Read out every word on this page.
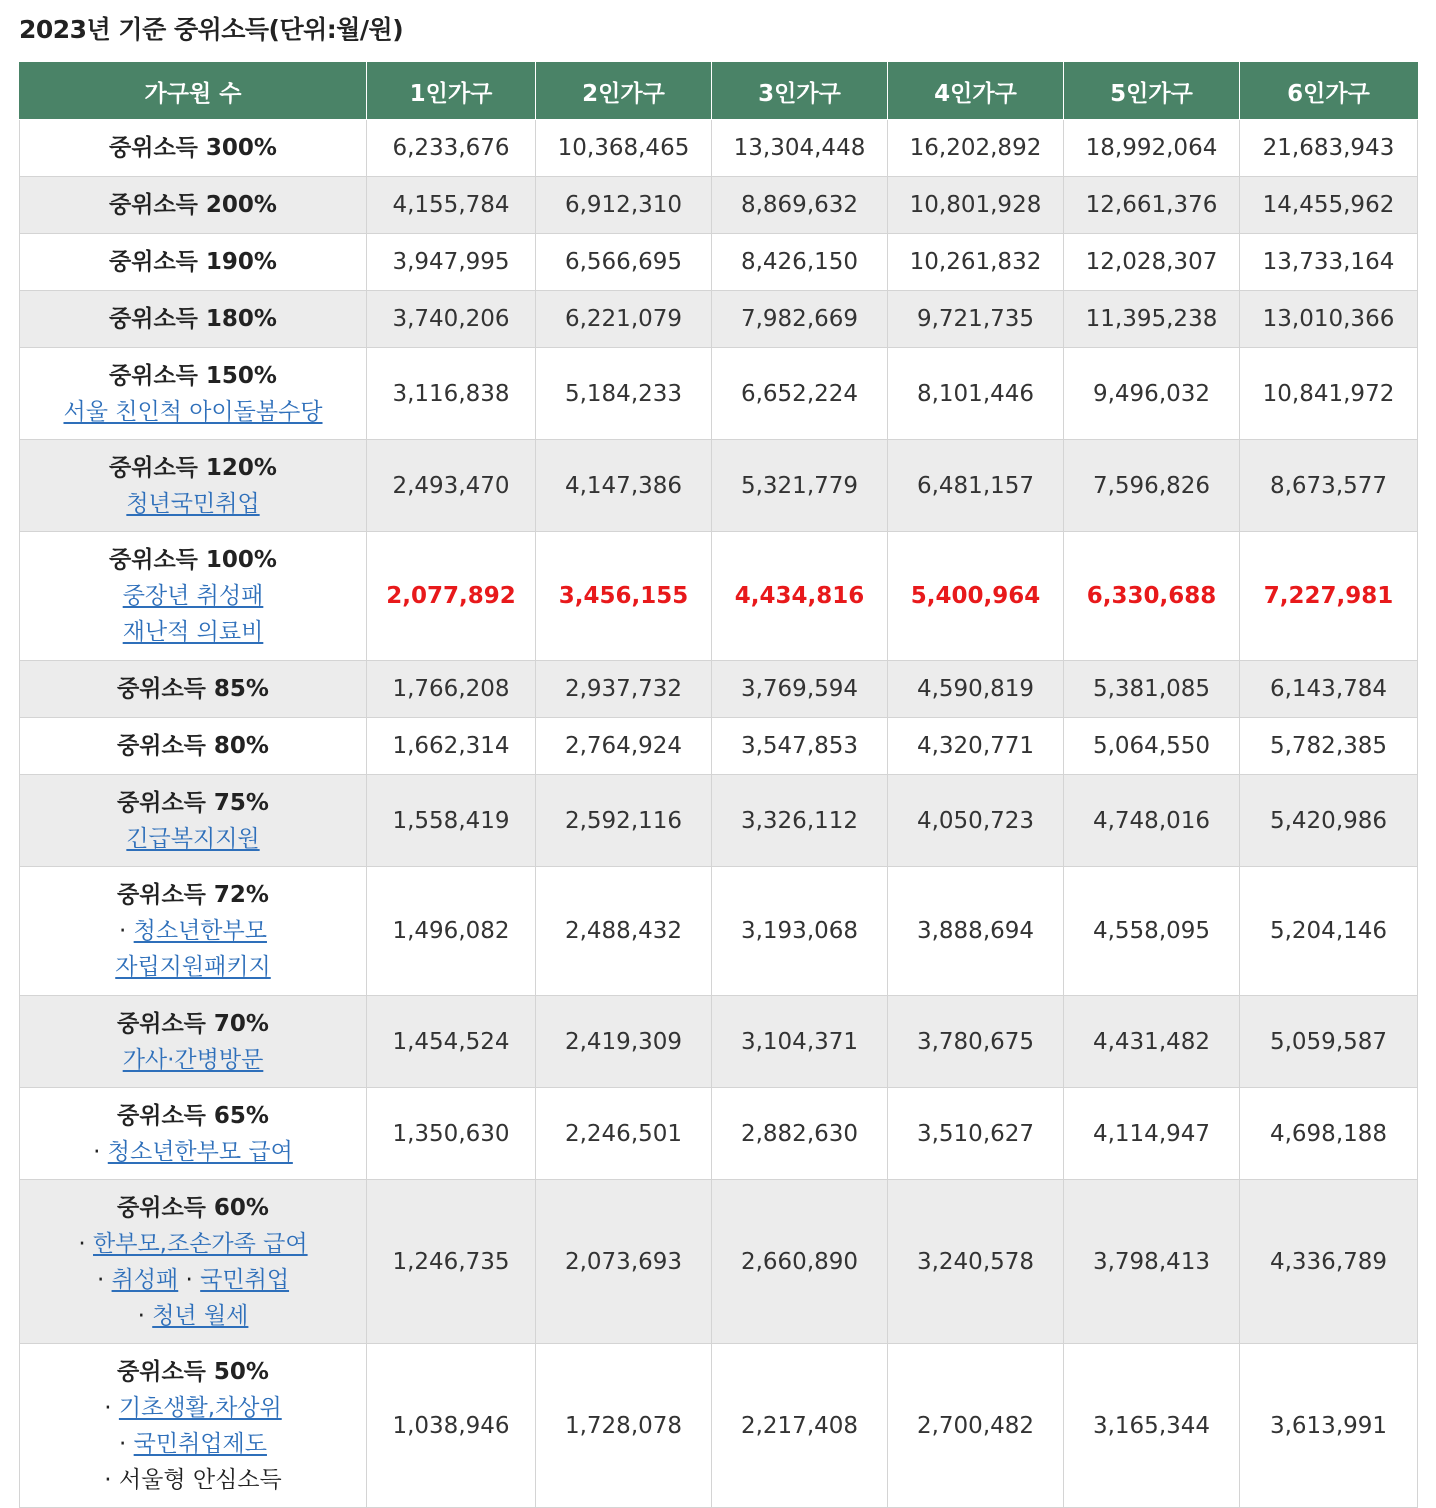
2023년 기준 중위소득(단위:월/원)
가구원 수	1인가구	2인가구	3인가구	4인가구	5인가구	6인가구

중위소득 300%	6,233,676	10,368,465	13,304,448	16,202,892	18,992,064	21,683,943

중위소득 200%	4,155,784	6,912,310	8,869,632	10,801,928	12,661,376	14,455,962

중위소득 190%	3,947,995	6,566,695	8,426,150	10,261,832	12,028,307	13,733,164

중위소득 180%	3,740,206	6,221,079	7,982,669	9,721,735	11,395,238	13,010,366

중위소득 150%
서울 친인척 아이돌봄수당	3,116,838	5,184,233	6,652,224	8,101,446	9,496,032	10,841,972

중위소득 120%
청년국민취업	2,493,470	4,147,386	5,321,779	6,481,157	7,596,826	8,673,577

중위소득 100%
중장년 취성패
재난적 의료비	2,077,892	3,456,155	4,434,816	5,400,964	6,330,688	7,227,981

중위소득 85%	1,766,208	2,937,732	3,769,594	4,590,819	5,381,085	6,143,784

중위소득 80%	1,662,314	2,764,924	3,547,853	4,320,771	5,064,550	5,782,385

중위소득 75%
긴급복지지원	1,558,419	2,592,116	3,326,112	4,050,723	4,748,016	5,420,986

중위소득 72%
· 청소년한부모
자립지원패키지	1,496,082	2,488,432	3,193,068	3,888,694	4,558,095	5,204,146

중위소득 70%
가사·간병방문	1,454,524	2,419,309	3,104,371	3,780,675	4,431,482	5,059,587

중위소득 65%
· 청소년한부모 급여	1,350,630	2,246,501	2,882,630	3,510,627	4,114,947	4,698,188

중위소득 60%
· 한부모,조손가족 급여
· 취성패 · 국민취업
· 청년 월세	1,246,735	2,073,693	2,660,890	3,240,578	3,798,413	4,336,789

중위소득 50%
· 기초생활,차상위
· 국민취업제도
· 서울형 안심소득	1,038,946	1,728,078	2,217,408	2,700,482	3,165,344	3,613,991
